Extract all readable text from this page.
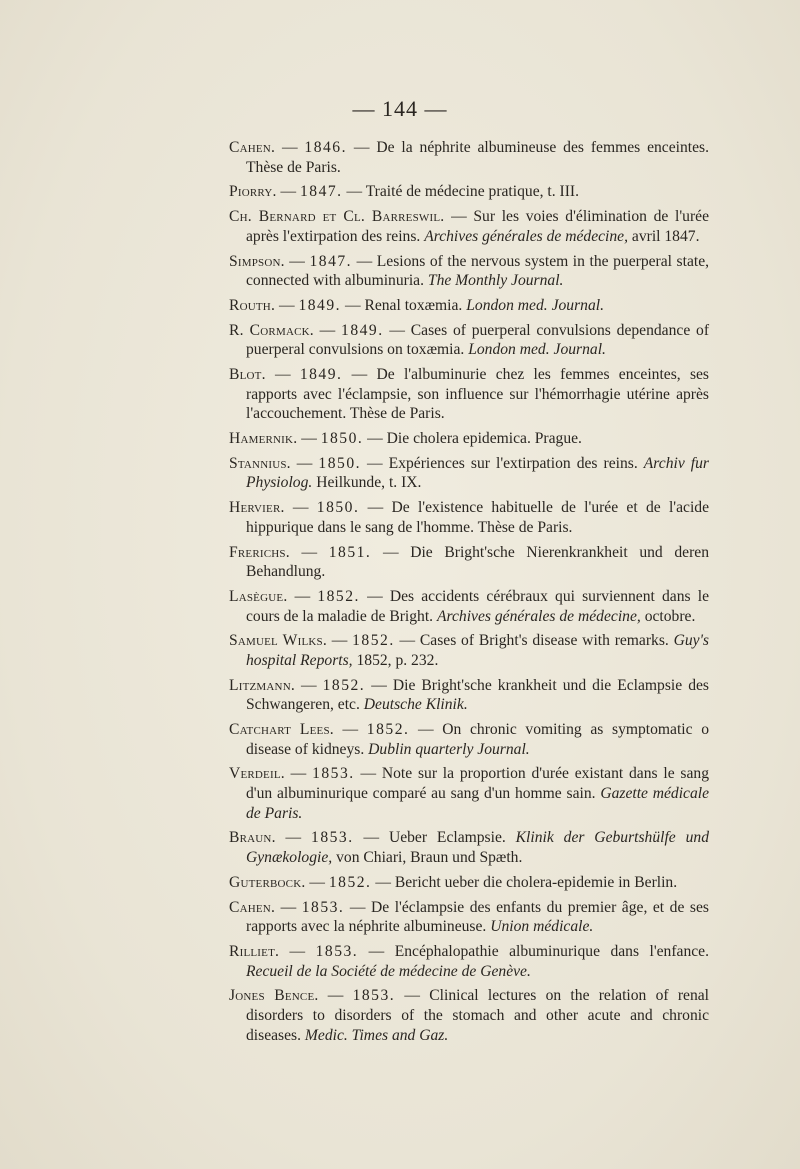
— 144 —

Cahen. — 1846. — De la néphrite albumineuse des femmes enceintes. Thèse de Paris.

Piorry. — 1847. — Traité de médecine pratique, t. III.

Ch. Bernard et Cl. Barreswil. — Sur les voies d'élimination de l'urée après l'extirpation des reins. Archives générales de médecine, avril 1847.

Simpson. — 1847. — Lesions of the nervous system in the puerperal state, connected with albuminuria. The Monthly Journal.

Routh. — 1849. — Renal toxæmia. London med. Journal.

R. Cormack. — 1849. — Cases of puerperal convulsions dependance of puerperal convulsions on toxæmia. London med. Journal.

Blot. — 1849. — De l'albuminurie chez les femmes enceintes, ses rapports avec l'éclampsie, son influence sur l'hémorrhagie utérine après l'accouchement. Thèse de Paris.

Hamernik. — 1850. — Die cholera epidemica. Prague.

Stannius. — 1850. — Expériences sur l'extirpation des reins. Archiv fur Physiolog. Heilkunde, t. IX.

Hervier. — 1850. — De l'existence habituelle de l'urée et de l'acide hippurique dans le sang de l'homme. Thèse de Paris.

Frerichs. — 1851. — Die Bright'sche Nierenkrankheit und deren Behandlung.

Lasègue. — 1852. — Des accidents cérébraux qui surviennent dans le cours de la maladie de Bright. Archives générales de médecine, octobre.

Samuel Wilks. — 1852. — Cases of Bright's disease with remarks. Guy's hospital Reports, 1852, p. 232.

Litzmann. — 1852. — Die Bright'sche krankheit und die Eclampsie des Schwangeren, etc. Deutsche Klinik.

Catchart Lees. — 1852. — On chronic vomiting as symptomatic o disease of kidneys. Dublin quarterly Journal.

Verdeil. — 1853. — Note sur la proportion d'urée existant dans le sang d'un albuminurique comparé au sang d'un homme sain. Gazette médicale de Paris.

Braun. — 1853. — Ueber Eclampsie. Klinik der Geburtshülfe und Gynækologie, von Chiari, Braun und Spæth.

Guterbock. — 1852. — Bericht ueber die cholera-epidemie in Berlin.

Cahen. — 1853. — De l'éclampsie des enfants du premier âge, et de ses rapports avec la néphrite albumineuse. Union médicale.

Rilliet. — 1853. — Encéphalopathie albuminurique dans l'enfance. Recueil de la Société de médecine de Genève.

Jones Bence. — 1853. — Clinical lectures on the relation of renal disorders to disorders of the stomach and other acute and chronic diseases. Medic. Times and Gaz.
